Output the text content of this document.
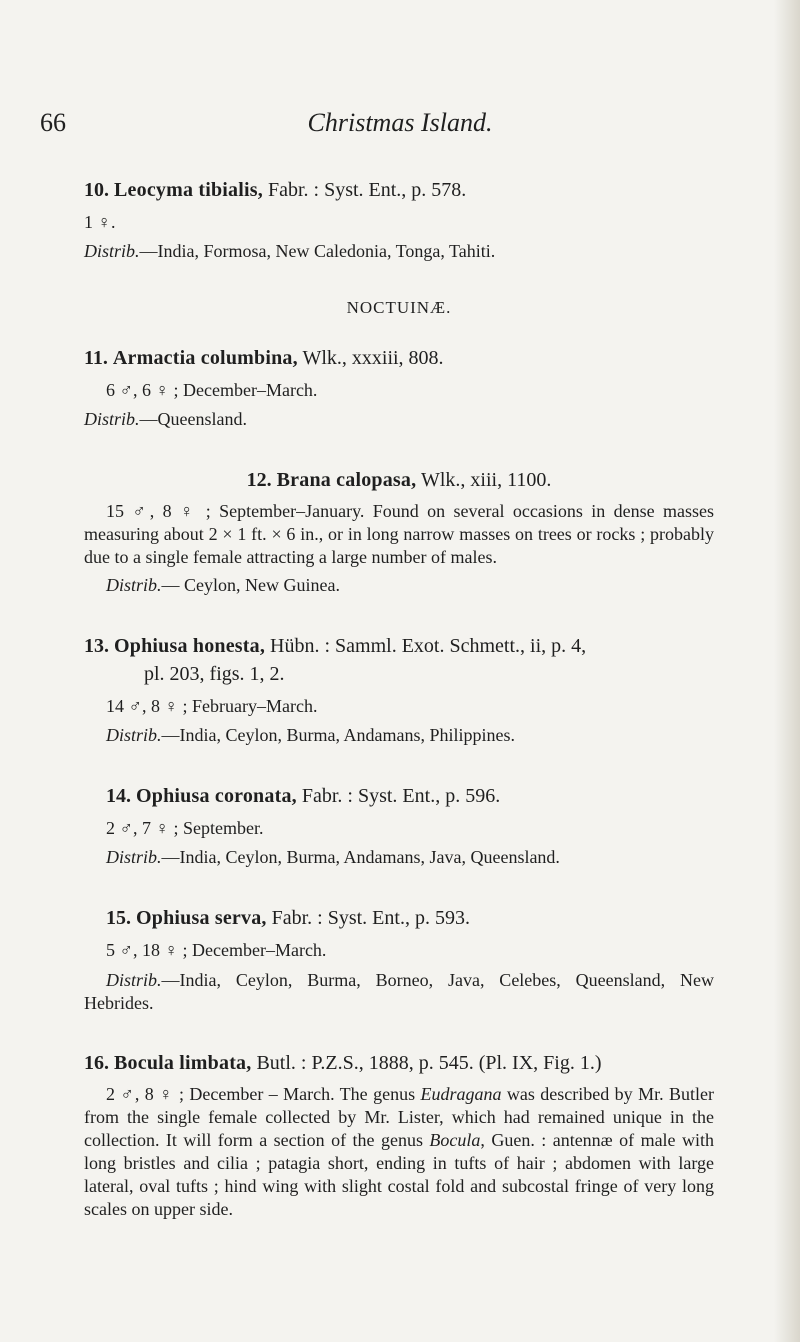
Christmas Island.
66

10. Leocyma tibialis, Fabr. : Syst. Ent., p. 578.

1 ♀.

Distrib.—India, Formosa, New Caledonia, Tonga, Tahiti.

NOCTUINÆ.

11. Armactia columbina, Wlk., xxxiii, 808.

6 ♂, 6 ♀ ; December–March.

Distrib.—Queensland.

12. Brana calopasa, Wlk., xiii, 1100.

15 ♂, 8 ♀ ; September–January. Found on several occasions in dense masses measuring about 2 × 1 ft. × 6 in., or in long narrow masses on trees or rocks ; probably due to a single female attracting a large number of males.

Distrib.— Ceylon, New Guinea.

13. Ophiusa honesta, Hübn. : Samml. Exot. Schmett., ii, p. 4,
pl. 203, figs. 1, 2.

14 ♂, 8 ♀ ; February–March.

Distrib.—India, Ceylon, Burma, Andamans, Philippines.

14. Ophiusa coronata, Fabr. : Syst. Ent., p. 596.

2 ♂, 7 ♀ ; September.

Distrib.—India, Ceylon, Burma, Andamans, Java, Queensland.

15. Ophiusa serva, Fabr. : Syst. Ent., p. 593.

5 ♂, 18 ♀ ; December–March.

Distrib.—India, Ceylon, Burma, Borneo, Java, Celebes, Queensland, New Hebrides.

16. Bocula limbata, Butl. : P.Z.S., 1888, p. 545. (Pl. IX, Fig. 1.)

2 ♂, 8 ♀ ; December – March. The genus Eudragana was described by Mr. Butler from the single female collected by Mr. Lister, which had remained unique in the collection. It will form a section of the genus Bocula, Guen. : antennæ of male with long bristles and cilia ; patagia short, ending in tufts of hair ; abdomen with large lateral, oval tufts ; hind wing with slight costal fold and subcostal fringe of very long scales on upper side.
